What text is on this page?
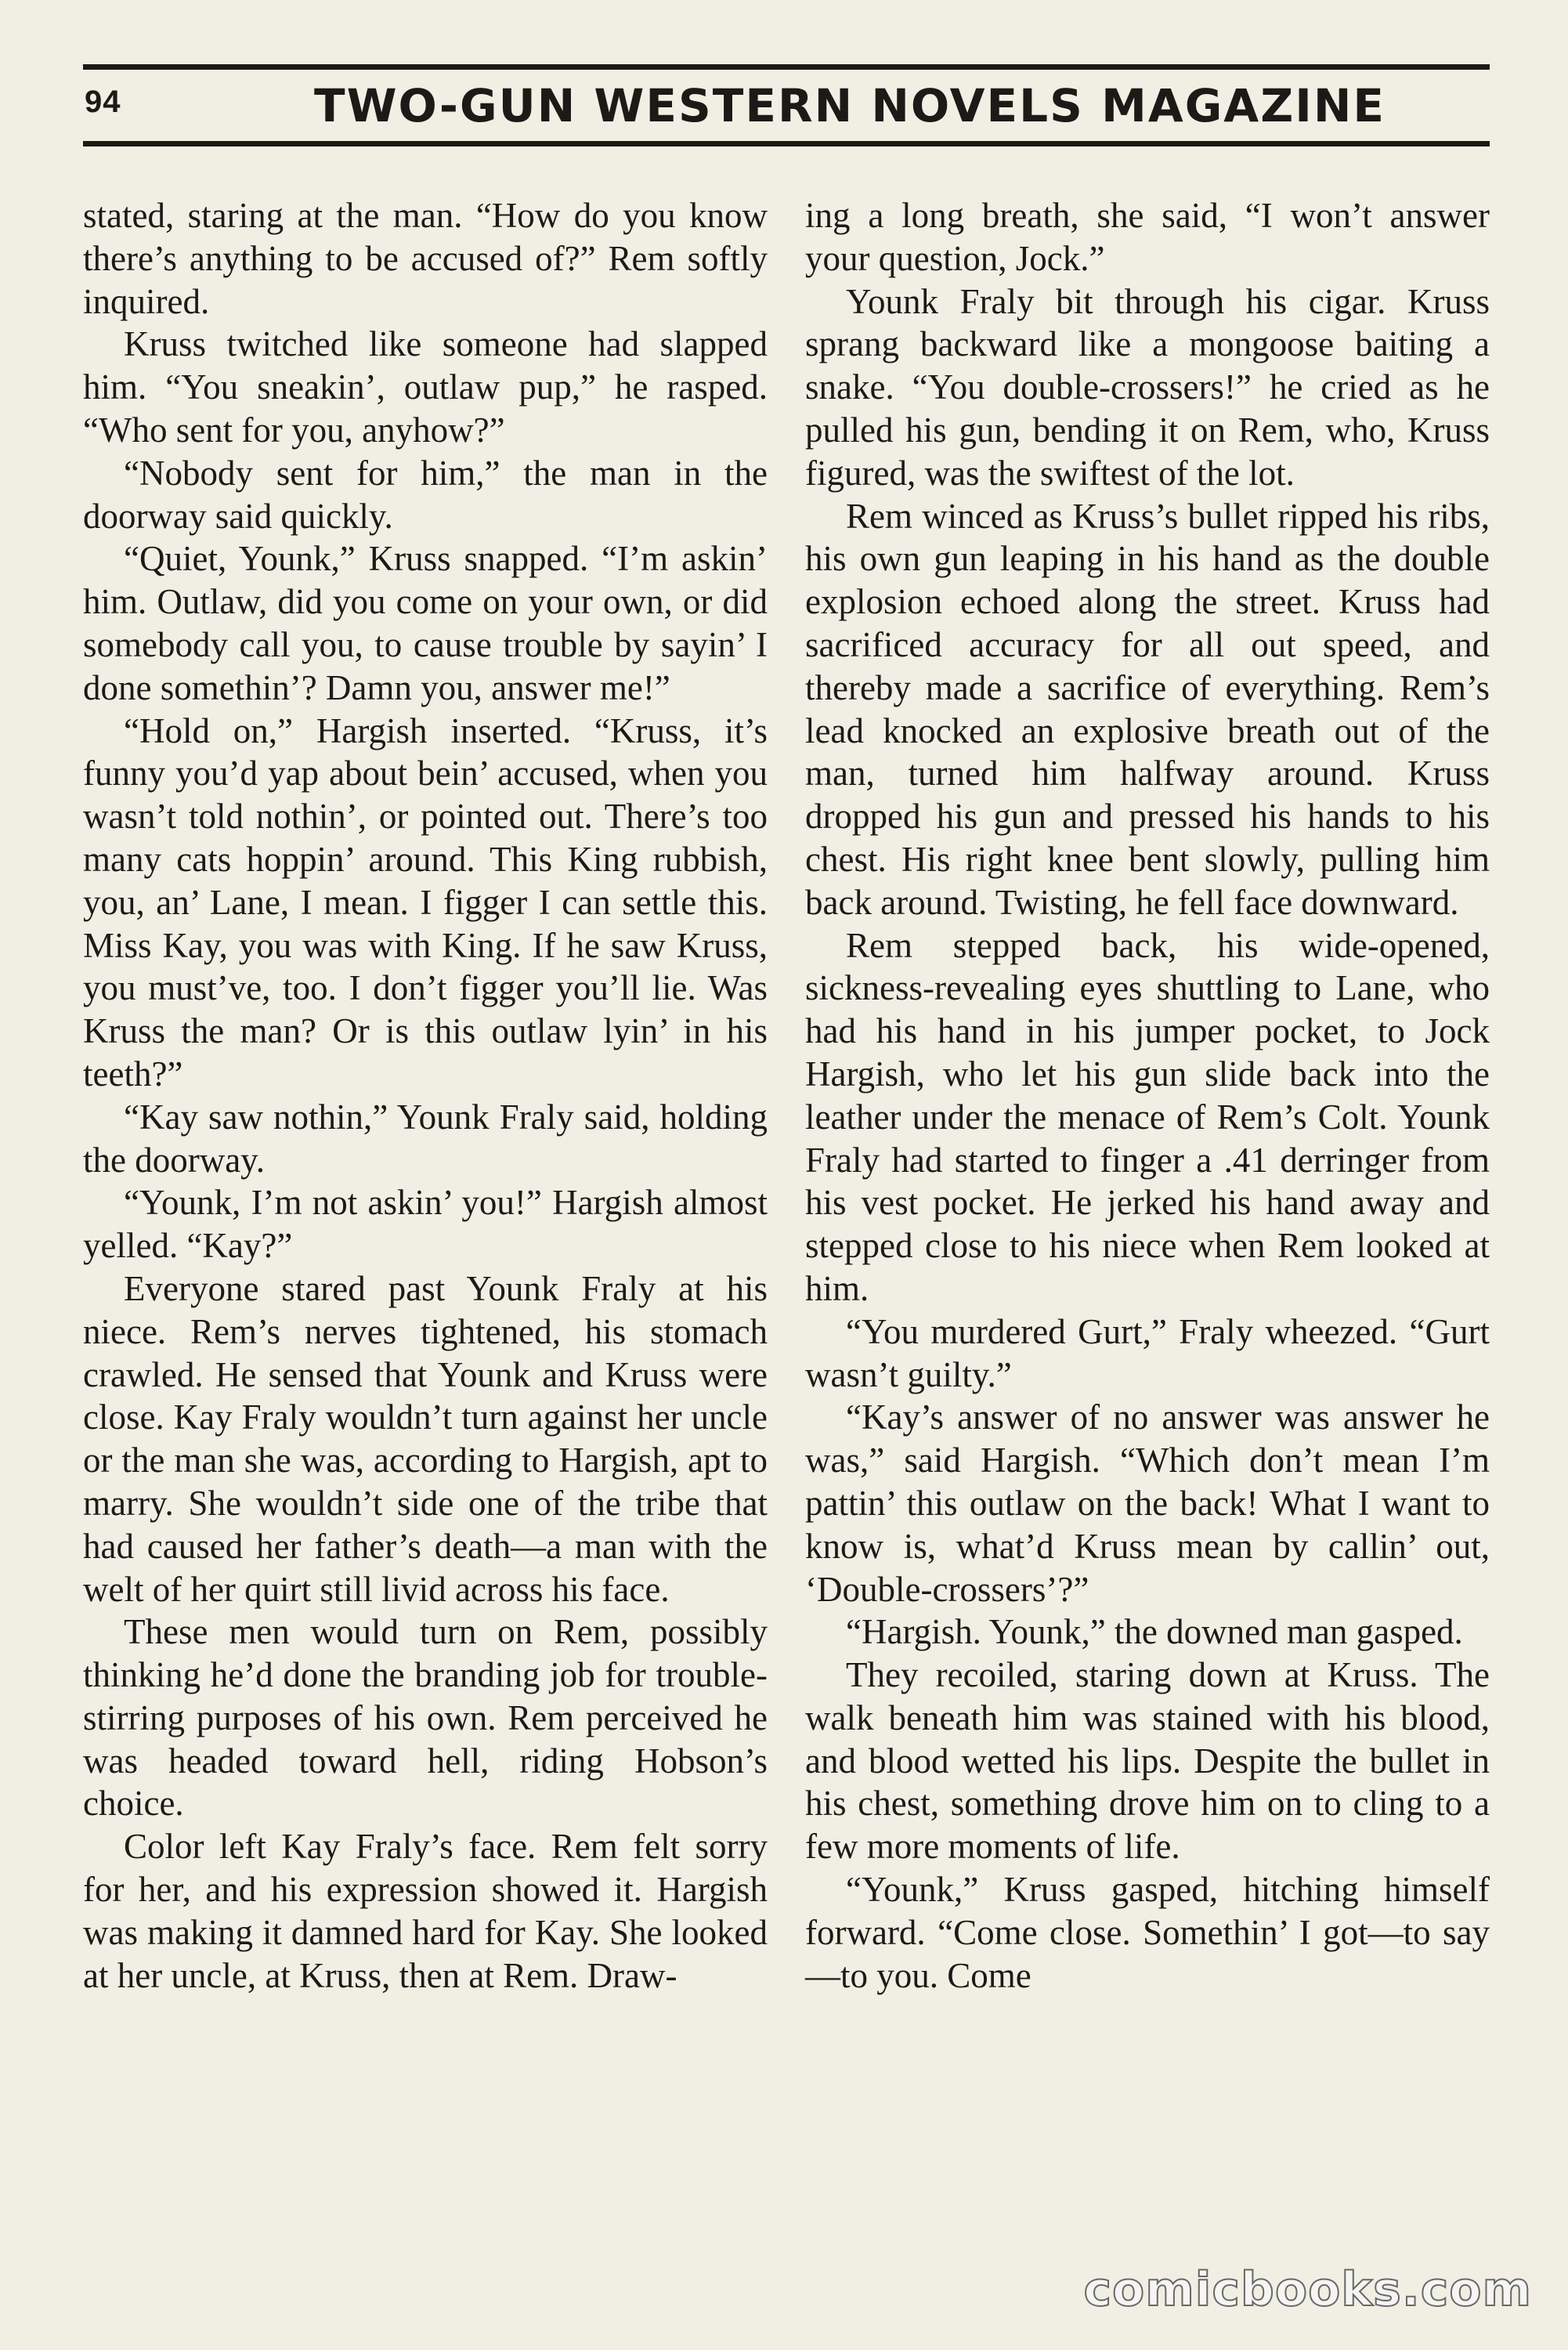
94	TWO-GUN WESTERN NOVELS MAGAZINE

stated, staring at the man. “How do you know there’s anything to be accused of?” Rem softly inquired.

Kruss twitched like someone had slapped him. “You sneakin’, outlaw pup,” he rasped. “Who sent for you, anyhow?”

“Nobody sent for him,” the man in the doorway said quickly.

“Quiet, Younk,” Kruss snapped. “I’m askin’ him. Outlaw, did you come on your own, or did somebody call you, to cause trouble by sayin’ I done somethin’? Damn you, answer me!”

“Hold on,” Hargish inserted. “Kruss, it’s funny you’d yap about bein’ accused, when you wasn’t told nothin’, or pointed out. There’s too many cats hoppin’ around. This King rubbish, you, an’ Lane, I mean. I figger I can settle this. Miss Kay, you was with King. If he saw Kruss, you must’ve, too. I don’t figger you’ll lie. Was Kruss the man? Or is this outlaw lyin’ in his teeth?”

“Kay saw nothin,” Younk Fraly said, holding the doorway.

“Younk, I’m not askin’ you!” Hargish almost yelled. “Kay?”

Everyone stared past Younk Fraly at his niece. Rem’s nerves tightened, his stomach crawled. He sensed that Younk and Kruss were close. Kay Fraly wouldn’t turn against her uncle or the man she was, according to Hargish, apt to marry. She wouldn’t side one of the tribe that had caused her father’s death—a man with the welt of her quirt still livid across his face.

These men would turn on Rem, possibly thinking he’d done the branding job for trouble-stirring purposes of his own. Rem perceived he was headed toward hell, riding Hobson’s choice.

Color left Kay Fraly’s face. Rem felt sorry for her, and his expression showed it. Hargish was making it damned hard for Kay. She looked at her uncle, at Kruss, then at Rem. Draw-

ing a long breath, she said, “I won’t answer your question, Jock.”

Younk Fraly bit through his cigar. Kruss sprang backward like a mongoose baiting a snake. “You double-crossers!” he cried as he pulled his gun, bending it on Rem, who, Kruss figured, was the swiftest of the lot.

Rem winced as Kruss’s bullet ripped his ribs, his own gun leaping in his hand as the double explosion echoed along the street. Kruss had sacrificed accuracy for all out speed, and thereby made a sacrifice of everything. Rem’s lead knocked an explosive breath out of the man, turned him halfway around. Kruss dropped his gun and pressed his hands to his chest. His right knee bent slowly, pulling him back around. Twisting, he fell face downward.

Rem stepped back, his wide-opened, sickness-revealing eyes shuttling to Lane, who had his hand in his jumper pocket, to Jock Hargish, who let his gun slide back into the leather under the menace of Rem’s Colt. Younk Fraly had started to finger a .41 derringer from his vest pocket. He jerked his hand away and stepped close to his niece when Rem looked at him.

“You murdered Gurt,” Fraly wheezed. “Gurt wasn’t guilty.”

“Kay’s answer of no answer was answer he was,” said Hargish. “Which don’t mean I’m pattin’ this outlaw on the back! What I want to know is, what’d Kruss mean by callin’ out, ‘Double-crossers’?”

“Hargish. Younk,” the downed man gasped.

They recoiled, staring down at Kruss. The walk beneath him was stained with his blood, and blood wetted his lips. Despite the bullet in his chest, something drove him on to cling to a few more moments of life.

“Younk,” Kruss gasped, hitching himself forward. “Come close. Somethin’ I got—to say—to you. Come

comicbooks.com
